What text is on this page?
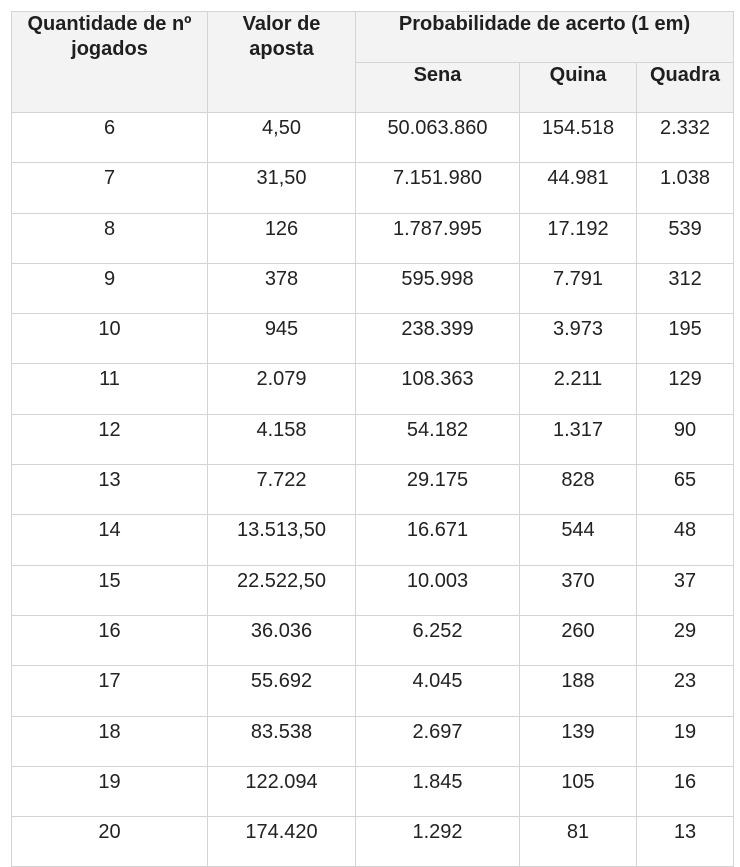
Quantidade de nº jogados	Valor de aposta	Probabilidade de acerto (1 em)		

		Sena	Quina	Quadra
6	4,50	50.063.860	154.518	2.332
7	31,50	7.151.980	44.981	1.038
8	126	1.787.995	17.192	539
9	378	595.998	7.791	312
10	945	238.399	3.973	195
11	2.079	108.363	2.211	129
12	4.158	54.182	1.317	90
13	7.722	29.175	828	65
14	13.513,50	16.671	544	48
15	22.522,50	10.003	370	37
16	36.036	6.252	260	29
17	55.692	4.045	188	23
18	83.538	2.697	139	19
19	122.094	1.845	105	16
20	174.420	1.292	81	13
